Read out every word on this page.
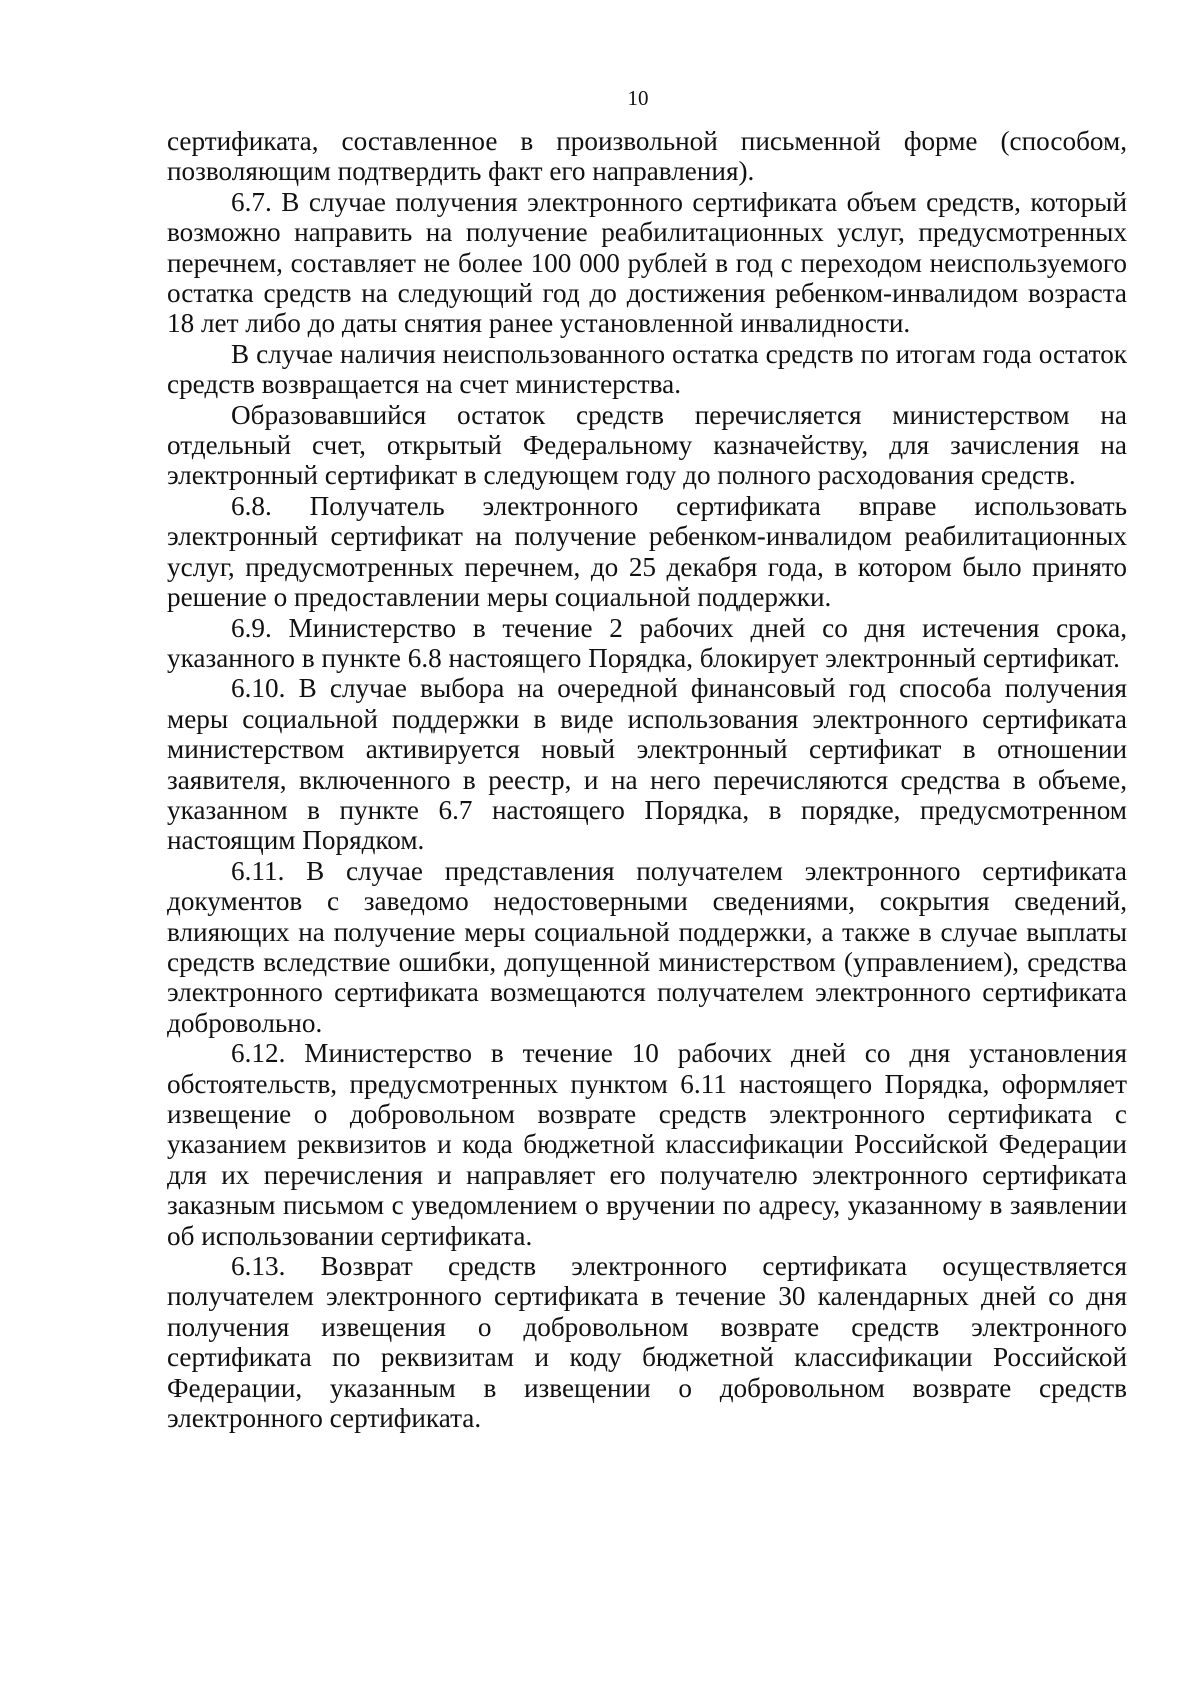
10

сертификата, составленное в произвольной письменной форме (способом, позволяющим подтвердить факт его направления).

6.7. В случае получения электронного сертификата объем средств, который возможно направить на получение реабилитационных услуг, предусмотренных перечнем, составляет не более 100 000 рублей в год с переходом неиспользуемого остатка средств на следующий год до достижения ребенком-инвалидом возраста 18 лет либо до даты снятия ранее установленной инвалидности.

В случае наличия неиспользованного остатка средств по итогам года остаток средств возвращается на счет министерства.

Образовавшийся остаток средств перечисляется министерством на отдельный счет, открытый Федеральному казначейству, для зачисления на электронный сертификат в следующем году до полного расходования средств.

6.8. Получатель электронного сертификата вправе использовать электронный сертификат на получение ребенком-инвалидом реабилитационных услуг, предусмотренных перечнем, до 25 декабря года, в котором было принято решение о предоставлении меры социальной поддержки.

6.9. Министерство в течение 2 рабочих дней со дня истечения срока, указанного в пункте 6.8 настоящего Порядка, блокирует электронный сертификат.

6.10. В случае выбора на очередной финансовый год способа получения меры социальной поддержки в виде использования электронного сертификата министерством активируется новый электронный сертификат в отношении заявителя, включенного в реестр, и на него перечисляются средства в объеме, указанном в пункте 6.7 настоящего Порядка, в порядке, предусмотренном настоящим Порядком.

6.11. В случае представления получателем электронного сертификата документов с заведомо недостоверными сведениями, сокрытия сведений, влияющих на получение меры социальной поддержки, а также в случае выплаты средств вследствие ошибки, допущенной министерством (управлением), средства электронного сертификата возмещаются получателем электронного сертификата добровольно.

6.12. Министерство в течение 10 рабочих дней со дня установления обстоятельств, предусмотренных пунктом 6.11 настоящего Порядка, оформляет извещение о добровольном возврате средств электронного сертификата с указанием реквизитов и кода бюджетной классификации Российской Федерации для их перечисления и направляет его получателю электронного сертификата заказным письмом с уведомлением о вручении по адресу, указанному в заявлении об использовании сертификата.

6.13. Возврат средств электронного сертификата осуществляется получателем электронного сертификата в течение 30 календарных дней со дня получения извещения о добровольном возврате средств электронного сертификата по реквизитам и коду бюджетной классификации Российской Федерации, указанным в извещении о добровольном возврате средств электронного сертификата.
